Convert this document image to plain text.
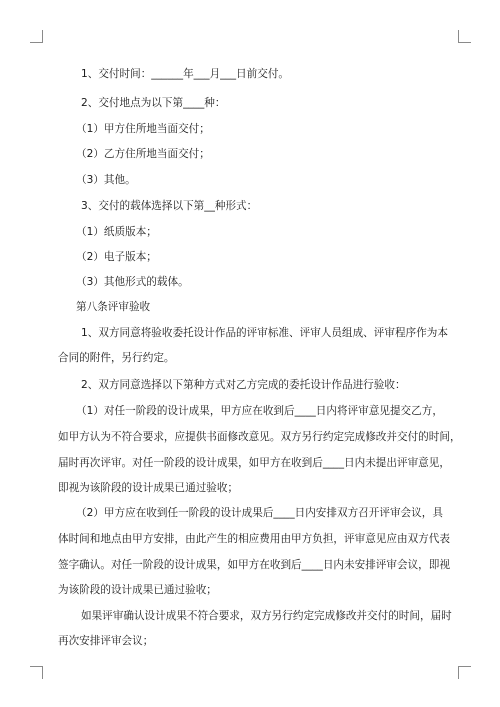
1、交付时间：______年___月___日前交付。
2、交付地点为以下第____种：
（1）甲方住所地当面交付；
（2）乙方住所地当面交付；
（3）其他。
3、交付的载体选择以下第__种形式：
（1）纸质版本；
（2）电子版本；
（3）其他形式的载体。
第八条评审验收
1、双方同意将验收委托设计作品的评审标准、评审人员组成、评审程序作为本
合同的附件，另行约定。
2、双方同意选择以下第种方式对乙方完成的委托设计作品进行验收：
（1）对任一阶段的设计成果，甲方应在收到后____日内将评审意见提交乙方，
如甲方认为不符合要求，应提供书面修改意见。双方另行约定完成修改并交付的时间，
届时再次评审。对任一阶段的设计成果，如甲方在收到后____日内未提出评审意见，
即视为该阶段的设计成果已通过验收；
（2）甲方应在收到任一阶段的设计成果后____日内安排双方召开评审会议，具
体时间和地点由甲方安排，由此产生的相应费用由甲方负担，评审意见应由双方代表
签字确认。对任一阶段的设计成果，如甲方在收到后____日内未安排评审会议，即视
为该阶段的设计成果已通过验收；
如果评审确认设计成果不符合要求，双方另行约定完成修改并交付的时间，届时
再次安排评审会议；
